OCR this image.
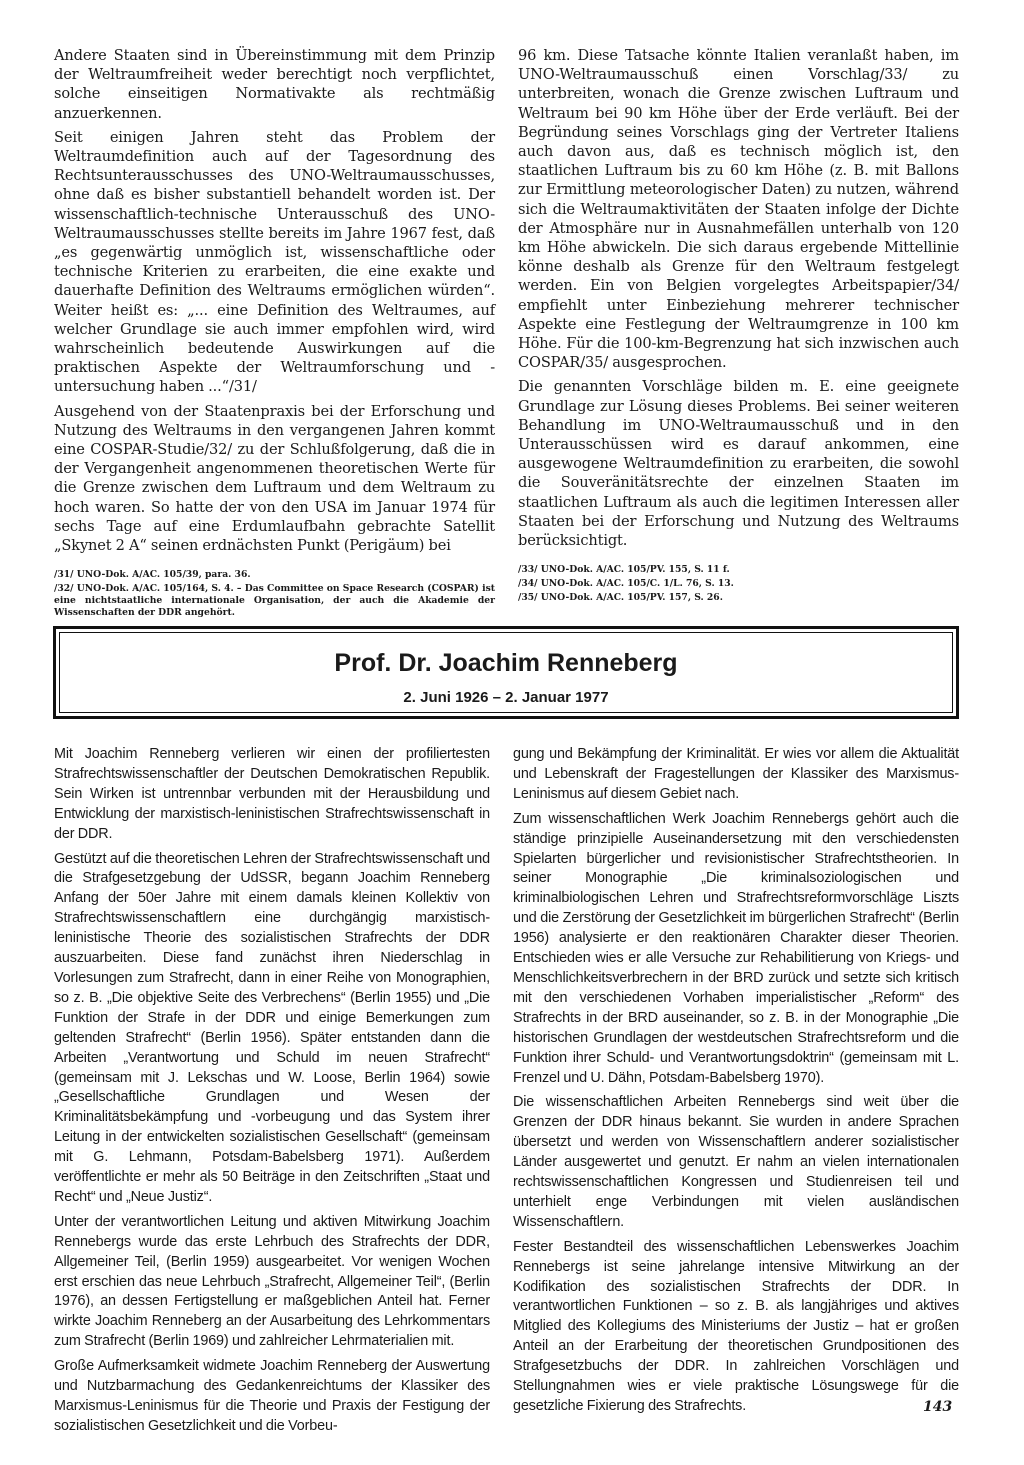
Andere Staaten sind in Übereinstimmung mit dem Prinzip der Weltraumfreiheit weder berechtigt noch verpflichtet, solche einseitigen Normativakte als rechtmäßig anzuerkennen.

Seit einigen Jahren steht das Problem der Weltraumdefinition auch auf der Tagesordnung des Rechtsunterausschusses des UNO-Weltraumausschusses, ohne daß es bisher substantiell behandelt worden ist. Der wissenschaftlich-technische Unterausschuß des UNO-Weltraumausschusses stellte bereits im Jahre 1967 fest, daß „es gegenwärtig unmöglich ist, wissenschaftliche oder technische Kriterien zu erarbeiten, die eine exakte und dauerhafte Definition des Weltraums ermöglichen würden“. Weiter heißt es: „... eine Definition des Weltraumes, auf welcher Grundlage sie auch immer empfohlen wird, wird wahrscheinlich bedeutende Auswirkungen auf die praktischen Aspekte der Weltraumforschung und -untersuchung haben ...“/31/

Ausgehend von der Staatenpraxis bei der Erforschung und Nutzung des Weltraums in den vergangenen Jahren kommt eine COSPAR-Studie/32/ zu der Schlußfolgerung, daß die in der Vergangenheit angenommenen theoretischen Werte für die Grenze zwischen dem Luftraum und dem Weltraum zu hoch waren. So hatte der von den USA im Januar 1974 für sechs Tage auf eine Erdumlaufbahn gebrachte Satellit „Skynet 2 A“ seinen erdnächsten Punkt (Perigäum) bei

/31/ UNO-Dok. A/AC. 105/39, para. 36.

/32/ UNO-Dok. A/AC. 105/164, S. 4. – Das Committee on Space Research (COSPAR) ist eine nichtstaatliche internationale Organisation, der auch die Akademie der Wissenschaften der DDR angehört.

96 km. Diese Tatsache könnte Italien veranlaßt haben, im UNO-Weltraumausschuß einen Vorschlag/33/ zu unterbreiten, wonach die Grenze zwischen Luftraum und Weltraum bei 90 km Höhe über der Erde verläuft. Bei der Begründung seines Vorschlags ging der Vertreter Italiens auch davon aus, daß es technisch möglich ist, den staatlichen Luftraum bis zu 60 km Höhe (z. B. mit Ballons zur Ermittlung meteorologischer Daten) zu nutzen, während sich die Weltraumaktivitäten der Staaten infolge der Dichte der Atmosphäre nur in Ausnahmefällen unterhalb von 120 km Höhe abwickeln. Die sich daraus ergebende Mittellinie könne deshalb als Grenze für den Weltraum festgelegt werden. Ein von Belgien vorgelegtes Arbeitspapier/34/ empfiehlt unter Einbeziehung mehrerer technischer Aspekte eine Festlegung der Weltraumgrenze in 100 km Höhe. Für die 100-km-Begrenzung hat sich inzwischen auch COSPAR/35/ ausgesprochen.

Die genannten Vorschläge bilden m. E. eine geeignete Grundlage zur Lösung dieses Problems. Bei seiner weiteren Behandlung im UNO-Weltraumausschuß und in den Unterausschüssen wird es darauf ankommen, eine ausgewogene Weltraumdefinition zu erarbeiten, die sowohl die Souveränitätsrechte der einzelnen Staaten im staatlichen Luftraum als auch die legitimen Interessen aller Staaten bei der Erforschung und Nutzung des Weltraums berücksichtigt.

/33/ UNO-Dok. A/AC. 105/PV. 155, S. 11 f.

/34/ UNO-Dok. A/AC. 105/C. 1/L. 76, S. 13.

/35/ UNO-Dok. A/AC. 105/PV. 157, S. 26.

Prof. Dr. Joachim Renneberg
2. Juni 1926 – 2. Januar 1977

Mit Joachim Renneberg verlieren wir einen der profiliertesten Strafrechtswissenschaftler der Deutschen Demokratischen Republik. Sein Wirken ist untrennbar verbunden mit der Herausbildung und Entwicklung der marxistisch-leninistischen Strafrechtswissenschaft in der DDR.

Gestützt auf die theoretischen Lehren der Strafrechtswissenschaft und die Strafgesetzgebung der UdSSR, begann Joachim Renneberg Anfang der 50er Jahre mit einem damals kleinen Kollektiv von Strafrechtswissenschaftlern eine durchgängig marxistisch-leninistische Theorie des sozialistischen Strafrechts der DDR auszuarbeiten. Diese fand zunächst ihren Niederschlag in Vorlesungen zum Strafrecht, dann in einer Reihe von Monographien, so z. B. „Die objektive Seite des Verbrechens“ (Berlin 1955) und „Die Funktion der Strafe in der DDR und einige Bemerkungen zum geltenden Strafrecht“ (Berlin 1956). Später entstanden dann die Arbeiten „Verantwortung und Schuld im neuen Strafrecht“ (gemeinsam mit J. Lekschas und W. Loose, Berlin 1964) sowie „Gesellschaftliche Grundlagen und Wesen der Kriminalitätsbekämpfung und -vorbeugung und das System ihrer Leitung in der entwickelten sozialistischen Gesellschaft“ (gemeinsam mit G. Lehmann, Potsdam-Babelsberg 1971). Außerdem veröffentlichte er mehr als 50 Beiträge in den Zeitschriften „Staat und Recht“ und „Neue Justiz“.

Unter der verantwortlichen Leitung und aktiven Mitwirkung Joachim Rennebergs wurde das erste Lehrbuch des Strafrechts der DDR, Allgemeiner Teil, (Berlin 1959) ausgearbeitet. Vor wenigen Wochen erst erschien das neue Lehrbuch „Strafrecht, Allgemeiner Teil“, (Berlin 1976), an dessen Fertigstellung er maßgeblichen Anteil hat. Ferner wirkte Joachim Renneberg an der Ausarbeitung des Lehrkommentars zum Strafrecht (Berlin 1969) und zahlreicher Lehrmaterialien mit.

Große Aufmerksamkeit widmete Joachim Renneberg der Auswertung und Nutzbarmachung des Gedankenreichtums der Klassiker des Marxismus-Leninismus für die Theorie und Praxis der Festigung der sozialistischen Gesetzlichkeit und die Vorbeu-

gung und Bekämpfung der Kriminalität. Er wies vor allem die Aktualität und Lebenskraft der Fragestellungen der Klassiker des Marxismus-Leninismus auf diesem Gebiet nach.

Zum wissenschaftlichen Werk Joachim Rennebergs gehört auch die ständige prinzipielle Auseinandersetzung mit den verschiedensten Spielarten bürgerlicher und revisionistischer Strafrechtstheorien. In seiner Monographie „Die kriminalsoziologischen und kriminalbiologischen Lehren und Strafrechtsreformvorschläge Liszts und die Zerstörung der Gesetzlichkeit im bürgerlichen Strafrecht“ (Berlin 1956) analysierte er den reaktionären Charakter dieser Theorien. Entschieden wies er alle Versuche zur Rehabilitierung von Kriegs- und Menschlichkeitsverbrechern in der BRD zurück und setzte sich kritisch mit den verschiedenen Vorhaben imperialistischer „Reform“ des Strafrechts in der BRD auseinander, so z. B. in der Monographie „Die historischen Grundlagen der westdeutschen Strafrechtsreform und die Funktion ihrer Schuld- und Verantwortungsdoktrin“ (gemeinsam mit L. Frenzel und U. Dähn, Potsdam-Babelsberg 1970).

Die wissenschaftlichen Arbeiten Rennebergs sind weit über die Grenzen der DDR hinaus bekannt. Sie wurden in andere Sprachen übersetzt und werden von Wissenschaftlern anderer sozialistischer Länder ausgewertet und genutzt. Er nahm an vielen internationalen rechtswissenschaftlichen Kongressen und Studienreisen teil und unterhielt enge Verbindungen mit vielen ausländischen Wissenschaftlern.

Fester Bestandteil des wissenschaftlichen Lebenswerkes Joachim Rennebergs ist seine jahrelange intensive Mitwirkung an der Kodifikation des sozialistischen Strafrechts der DDR. In verantwortlichen Funktionen – so z. B. als langjähriges und aktives Mitglied des Kollegiums des Ministeriums der Justiz – hat er großen Anteil an der Erarbeitung der theoretischen Grundpositionen des Strafgesetzbuchs der DDR. In zahlreichen Vorschlägen und Stellungnahmen wies er viele praktische Lösungswege für die gesetzliche Fixierung des Strafrechts.	143
